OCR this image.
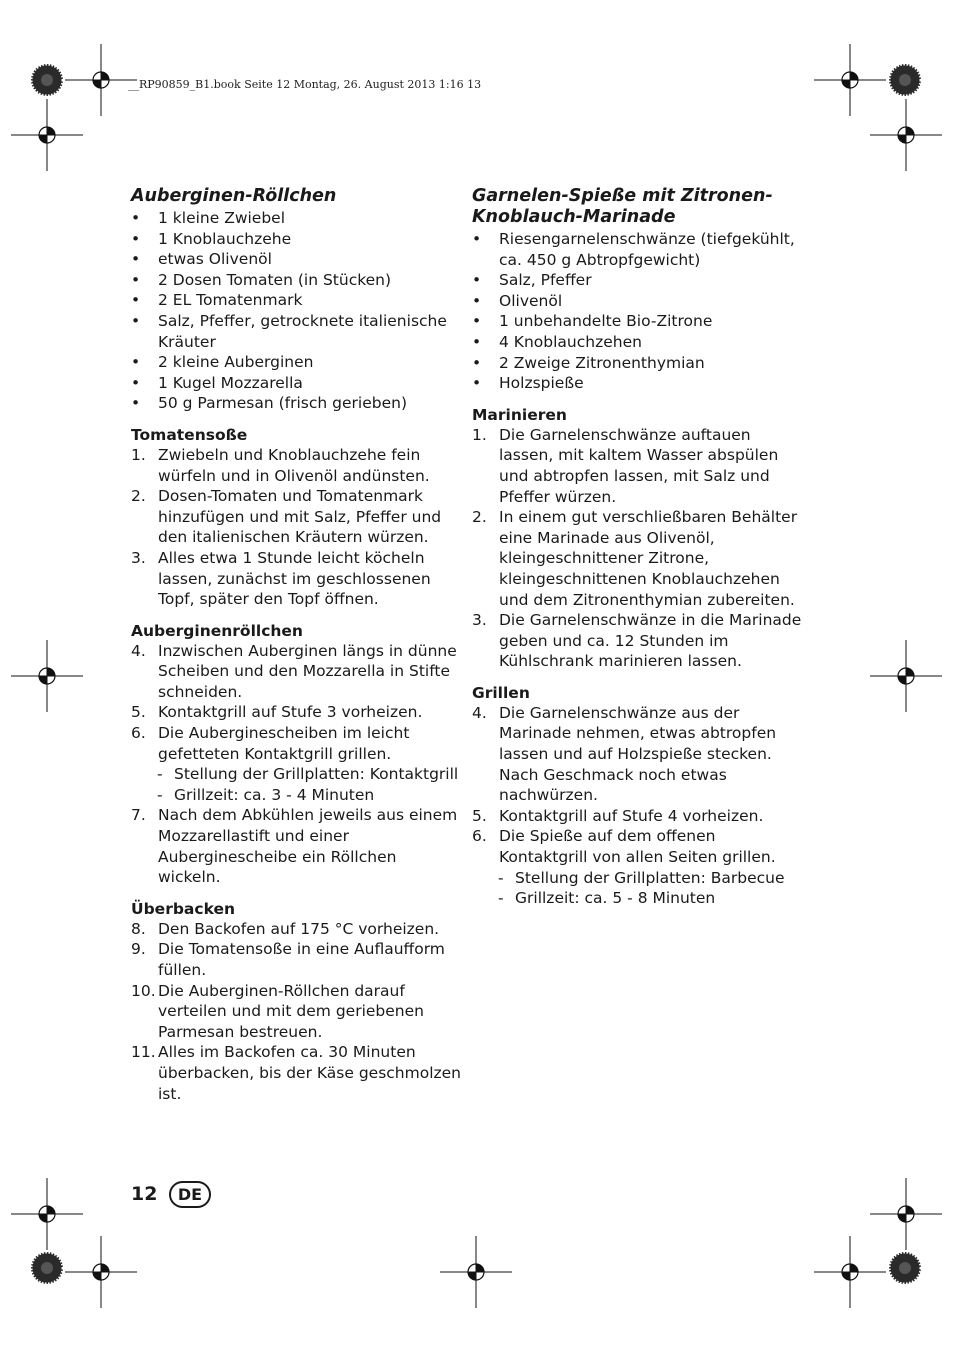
__RP90859_B1.book Seite 12 Montag, 26. August 2013 1:16 13
Auberginen-Röllchen
• 1 kleine Zwiebel
• 1 Knoblauchzehe
• etwas Olivenöl
• 2 Dosen Tomaten (in Stücken)
• 2 EL Tomatenmark
• Salz, Pfeffer, getrocknete italienische Kräuter
• 2 kleine Auberginen
• 1 Kugel Mozzarella
• 50 g Parmesan (frisch gerieben)
Tomatensoße
1. Zwiebeln und Knoblauchzehe fein würfeln und in Olivenöl andünsten.
2. Dosen-Tomaten und Tomatenmark hinzufügen und mit Salz, Pfeffer und den italienischen Kräutern würzen.
3. Alles etwa 1 Stunde leicht köcheln lassen, zunächst im geschlossenen Topf, später den Topf öffnen.
Auberginenröllchen
4. Inzwischen Auberginen längs in dünne Scheiben und den Mozzarella in Stifte schneiden.
5. Kontaktgrill auf Stufe 3 vorheizen.
6. Die Auberginescheiben im leicht gefetteten Kontaktgrill grillen.
- Stellung der Grillplatten: Kontaktgrill
- Grillzeit: ca. 3 - 4 Minuten
7. Nach dem Abkühlen jeweils aus einem Mozzarellastift und einer Auberginescheibe ein Röllchen wickeln.
Überbacken
8. Den Backofen auf 175 °C vorheizen.
9. Die Tomatensoße in eine Auflaufform füllen.
10. Die Auberginen-Röllchen darauf verteilen und mit dem geriebenen Parmesan bestreuen.
11. Alles im Backofen ca. 30 Minuten überbacken, bis der Käse geschmolzen ist.
Garnelen-Spieße mit Zitronen-Knoblauch-Marinade
• Riesengarnelenschwänze (tiefgekühlt, ca. 450 g Abtropfgewicht)
• Salz, Pfeffer
• Olivenöl
• 1 unbehandelte Bio-Zitrone
• 4 Knoblauchzehen
• 2 Zweige Zitronenthymian
• Holzspieße
Marinieren
1. Die Garnelenschwänze auftauen lassen, mit kaltem Wasser abspülen und abtropfen lassen, mit Salz und Pfeffer würzen.
2. In einem gut verschließbaren Behälter eine Marinade aus Olivenöl, kleingeschnittener Zitrone, kleingeschnittenen Knoblauchzehen und dem Zitronenthymian zubereiten.
3. Die Garnelenschwänze in die Marinade geben und ca. 12 Stunden im Kühlschrank marinieren lassen.
Grillen
4. Die Garnelenschwänze aus der Marinade nehmen, etwas abtropfen lassen und auf Holzspieße stecken. Nach Geschmack noch etwas nachwürzen.
5. Kontaktgrill auf Stufe 4 vorheizen.
6. Die Spieße auf dem offenen Kontaktgrill von allen Seiten grillen.
- Stellung der Grillplatten: Barbecue
- Grillzeit: ca. 5 - 8 Minuten
12	DE
